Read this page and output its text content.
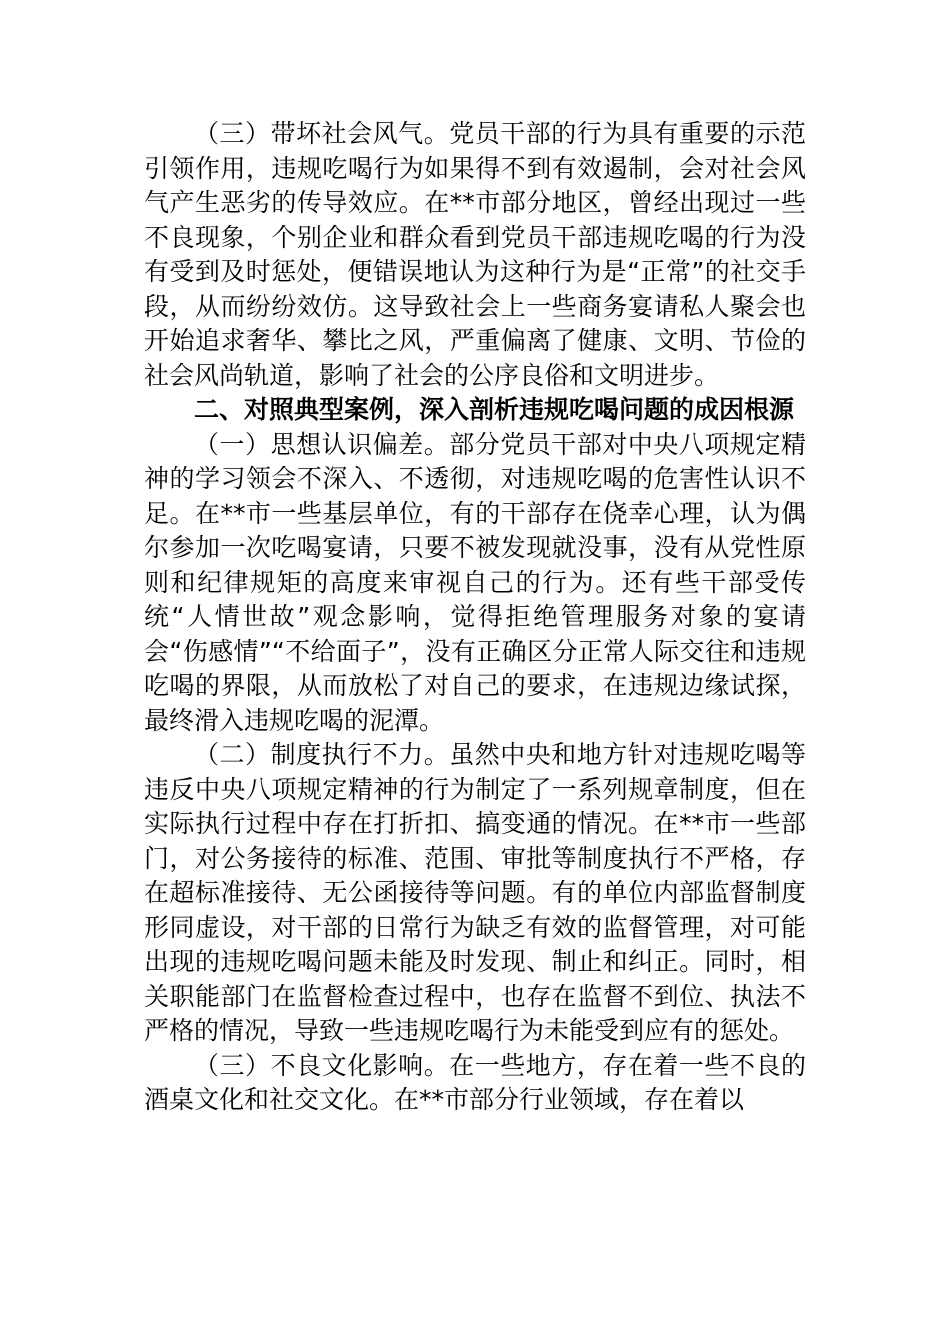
（三）带坏社会风气。党员干部的行为具有重要的示范引领作用，违规吃喝行为如果得不到有效遏制，会对社会风气产生恶劣的传导效应。在**市部分地区，曾经出现过一些不良现象，个别企业和群众看到党员干部违规吃喝的行为没有受到及时惩处，便错误地认为这种行为是“正常”的社交手段，从而纷纷效仿。这导致社会上一些商务宴请私人聚会也开始追求奢华、攀比之风，严重偏离了健康、文明、节俭的社会风尚轨道，影响了社会的公序良俗和文明进步。

二、对照典型案例，深入剖析违规吃喝问题的成因根源

（一）思想认识偏差。部分党员干部对中央八项规定精神的学习领会不深入、不透彻，对违规吃喝的危害性认识不足。在**市一些基层单位，有的干部存在侥幸心理，认为偶尔参加一次吃喝宴请，只要不被发现就没事，没有从党性原则和纪律规矩的高度来审视自己的行为。还有些干部受传统“人情世故”观念影响，觉得拒绝管理服务对象的宴请会“伤感情”“不给面子”，没有正确区分正常人际交往和违规吃喝的界限，从而放松了对自己的要求，在违规边缘试探，最终滑入违规吃喝的泥潭。

（二）制度执行不力。虽然中央和地方针对违规吃喝等违反中央八项规定精神的行为制定了一系列规章制度，但在实际执行过程中存在打折扣、搞变通的情况。在**市一些部门，对公务接待的标准、范围、审批等制度执行不严格，存在超标准接待、无公函接待等问题。有的单位内部监督制度形同虚设，对干部的日常行为缺乏有效的监督管理，对可能出现的违规吃喝问题未能及时发现、制止和纠正。同时，相关职能部门在监督检查过程中，也存在监督不到位、执法不严格的情况，导致一些违规吃喝行为未能受到应有的惩处。

（三）不良文化影响。在一些地方，存在着一些不良的酒桌文化和社交文化。在**市部分行业领域，存在着以
